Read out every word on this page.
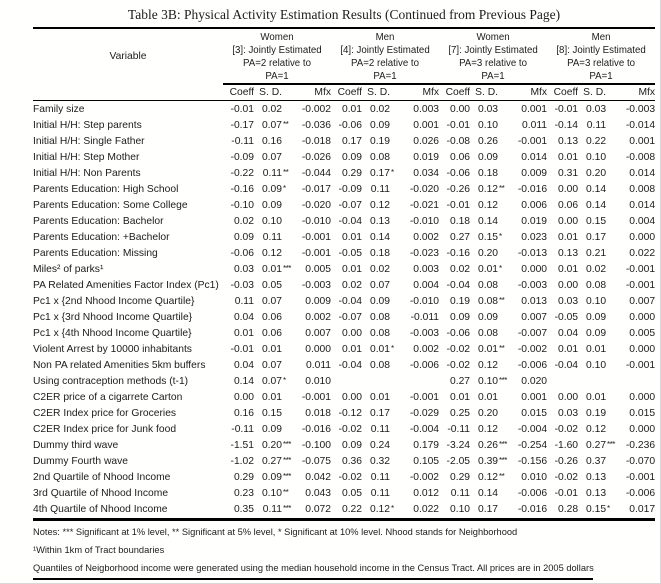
Table 3B: Physical Activity Estimation Results (Continued from Previous Page)
Variable	
Women
[3]: Jointly Estimated
PA=2 relative to
PA=1

Men
[4]: Jointly Estimated
PA=2 relative to
PA=1

Women
[7]: Jointly Estimated
PA=3 relative to
PA=1

Men
[8]: Jointly Estimated
PA=3 relative to
PA=1

	Coeff	S. D.		Mfx	Coeff	S. D.		Mfx	Coeff	S. D.		Mfx	Coeff	S. D.		Mfx
Family size	-0.01	0.02		-0.002	0.01	0.02		0.003	0.00	0.03		0.001	-0.01	0.03		-0.003
Initial H/H: Step parents	-0.17	0.07	**	-0.036	-0.06	0.09		0.001	-0.01	0.10		0.011	-0.14	0.11		-0.014
Initial H/H: Single Father	-0.11	0.16		-0.018	0.17	0.19		0.026	-0.08	0.26		-0.001	0.13	0.22		0.001
Initial H/H: Step Mother	-0.09	0.07		-0.026	0.09	0.08		0.019	0.06	0.09		0.014	0.01	0.10		-0.008
Initial H/H: Non Parents	-0.22	0.11	**	-0.044	0.29	0.17	*	0.034	-0.06	0.18		0.009	0.31	0.20		0.014
Parents Education: High School	-0.16	0.09	*	-0.017	-0.09	0.11		-0.020	-0.26	0.12	**	-0.016	0.00	0.14		0.008
Parents Education: Some College	-0.10	0.09		-0.020	-0.07	0.12		-0.021	-0.01	0.12		0.006	0.06	0.14		0.014
Parents Education: Bachelor	0.02	0.10		-0.010	-0.04	0.13		-0.010	0.18	0.14		0.019	0.00	0.15		0.004
Parents Education: +Bachelor	0.09	0.11		-0.001	0.01	0.14		0.002	0.27	0.15	*	0.023	0.01	0.17		0.000
Parents Education: Missing	-0.06	0.12		-0.001	-0.05	0.18		-0.023	-0.16	0.20		-0.013	0.13	0.21		0.022
Miles² of parks¹	0.03	0.01	***	0.005	0.01	0.02		0.003	0.02	0.01	*	0.000	0.01	0.02		-0.001
PA Related Amenities Factor Index (Pc1)	-0.03	0.05		-0.003	0.02	0.07		0.004	-0.04	0.08		-0.003	0.00	0.08		-0.001
Pc1 x {2nd Nhood Income Quartile}	0.11	0.07		0.009	-0.04	0.09		-0.010	0.19	0.08	**	0.013	0.03	0.10		0.007
Pc1 x {3rd Nhood Income Quartile}	0.04	0.06		0.002	-0.07	0.08		-0.011	0.09	0.09		0.007	-0.05	0.09		0.000
Pc1 x {4th Nhood Income Quartile}	0.01	0.06		0.007	0.00	0.08		-0.003	-0.06	0.08		-0.007	0.04	0.09		0.005
Violent Arrest by 10000 inhabitants	-0.01	0.01		0.000	0.01	0.01	*	0.002	-0.02	0.01	**	-0.002	0.01	0.01		0.000
Non PA related Amenities 5km buffers	0.04	0.07		0.011	-0.04	0.08		-0.006	-0.02	0.12		-0.006	-0.04	0.10		-0.001
Using contraception methods (t-1)	0.14	0.07	*	0.010					0.27	0.10	***	0.020				
C2ER price of a cigarrete Carton	0.00	0.01		-0.001	0.00	0.01		-0.001	0.01	0.01		0.001	0.00	0.01		0.000
C2ER Index price for Groceries	0.16	0.15		0.018	-0.12	0.17		-0.029	0.25	0.20		0.015	0.03	0.19		0.015
C2ER Index price for Junk food	-0.11	0.09		-0.016	-0.02	0.11		-0.004	-0.11	0.12		-0.004	-0.02	0.12		0.000
Dummy third wave	-1.51	0.20	***	-0.100	0.09	0.24		0.179	-3.24	0.26	***	-0.254	-1.60	0.27	***	-0.236
Dummy Fourth wave	-1.02	0.27	***	-0.075	0.36	0.32		0.105	-2.05	0.39	***	-0.156	-0.26	0.37		-0.070
2nd Quartile of Nhood Income	0.29	0.09	***	0.042	-0.02	0.11		-0.002	0.29	0.12	**	0.010	-0.02	0.13		-0.001
3rd Quartile of Nhood Income	0.23	0.10	**	0.043	0.05	0.11		0.012	0.11	0.14		-0.006	-0.01	0.13		-0.006
4th Quartile of Nhood Income	0.35	0.11	***	0.072	0.22	0.12	*	0.022	0.10	0.17		-0.016	0.28	0.15	*	0.017
Notes: *** Significant at 1% level, ** Significant at 5% level, * Significant at 10% level. Nhood stands for Neighborhood
¹Within 1km of Tract boundaries
Quantiles of Neigborhood income were generated using the median household income in the Census Tract. All prices are in 2005 dollars
